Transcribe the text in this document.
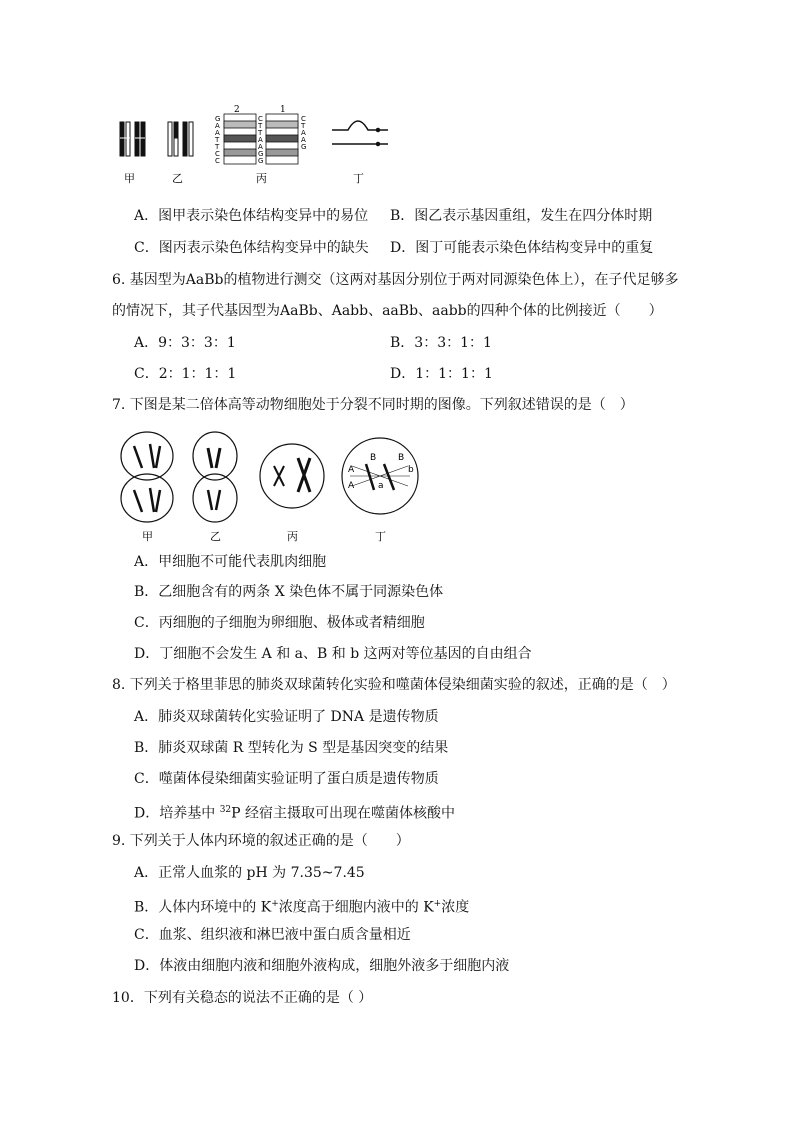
2	1
G
A
A
T
T
C
C
C
T
T
A
A
G
G
C
T
A
A
G
甲	乙	丙	丁
A．图甲表示染色体结构变异中的易位 B．图乙表示基因重组，发生在四分体时期
C．图丙表示染色体结构变异中的缺失 D．图丁可能表示染色体结构变异中的重复
6. 基因型为AaBb的植物进行测交（这两对基因分别位于两对同源染色体上），在子代足够多
的情况下，其子代基因型为AaBb、Aabb、aaBb、aabb的四种个体的比例接近（　　）
A．9：3：3：1	B．3：3：1：1
C．2：1：1：1	D．1：1：1：1
7. 下图是某二倍体高等动物细胞处于分裂不同时期的图像。下列叙述错误的是（　）
A
B
a
b
A
B
甲	乙	丙	丁
A．甲细胞不可能代表肌肉细胞
B．乙细胞含有的两条 X 染色体不属于同源染色体
C．丙细胞的子细胞为卵细胞、极体或者精细胞
D．丁细胞不会发生 A 和 a、B 和 b 这两对等位基因的自由组合
8. 下列关于格里菲思的肺炎双球菌转化实验和噬菌体侵染细菌实验的叙述，正确的是（　）
A．肺炎双球菌转化实验证明了 DNA 是遗传物质
B．肺炎双球菌 R 型转化为 S 型是基因突变的结果
C．噬菌体侵染细菌实验证明了蛋白质是遗传物质
D．培养基中 $^{32}$P 经宿主摄取可出现在噬菌体核酸中
9. 下列关于人体内环境的叙述正确的是（　　）
A．正常人血浆的 pH 为 7.35~7.45
B．人体内环境中的 K+浓度高于细胞内液中的 K+浓度
C．血浆、组织液和淋巴液中蛋白质含量相近
D．体液由细胞内液和细胞外液构成，细胞外液多于细胞内液
10．下列有关稳态的说法不正确的是（ ）
